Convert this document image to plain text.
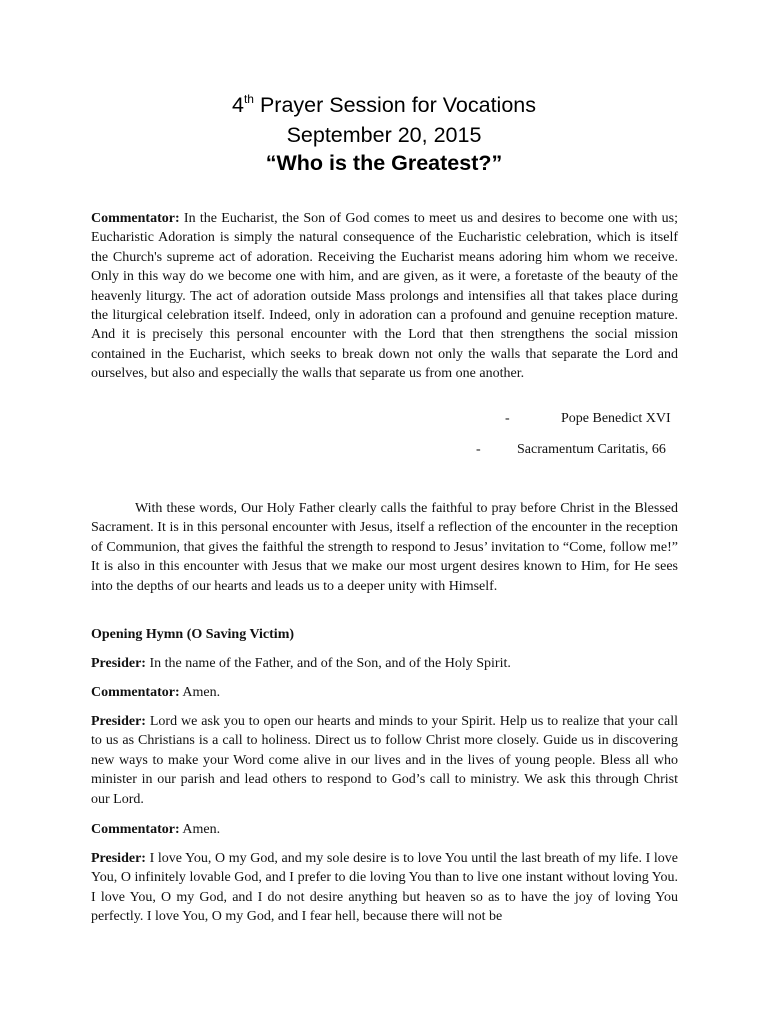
4th Prayer Session for Vocations
September 20, 2015
“Who is the Greatest?”
Commentator: In the Eucharist, the Son of God comes to meet us and desires to become one with us; Eucharistic Adoration is simply the natural consequence of the Eucharistic celebration, which is itself the Church's supreme act of adoration. Receiving the Eucharist means adoring him whom we receive. Only in this way do we become one with him, and are given, as it were, a foretaste of the beauty of the heavenly liturgy. The act of adoration outside Mass prolongs and intensifies all that takes place during the liturgical celebration itself. Indeed, only in adoration can a profound and genuine reception mature. And it is precisely this personal encounter with the Lord that then strengthens the social mission contained in the Eucharist, which seeks to break down not only the walls that separate the Lord and ourselves, but also and especially the walls that separate us from one another.
-	Pope Benedict XVI
-	Sacramentum Caritatis, 66
With these words, Our Holy Father clearly calls the faithful to pray before Christ in the Blessed Sacrament. It is in this personal encounter with Jesus, itself a reflection of the encounter in the reception of Communion, that gives the faithful the strength to respond to Jesus’ invitation to “Come, follow me!” It is also in this encounter with Jesus that we make our most urgent desires known to Him, for He sees into the depths of our hearts and leads us to a deeper unity with Himself.
Opening Hymn (O Saving Victim)
Presider: In the name of the Father, and of the Son, and of the Holy Spirit.
Commentator: Amen.
Presider: Lord we ask you to open our hearts and minds to your Spirit. Help us to realize that your call to us as Christians is a call to holiness. Direct us to follow Christ more closely. Guide us in discovering new ways to make your Word come alive in our lives and in the lives of young people. Bless all who minister in our parish and lead others to respond to God’s call to ministry. We ask this through Christ our Lord.
Commentator: Amen.
Presider: I love You, O my God, and my sole desire is to love You until the last breath of my life. I love You, O infinitely lovable God, and I prefer to die loving You than to live one instant without loving You. I love You, O my God, and I do not desire anything but heaven so as to have the joy of loving You perfectly. I love You, O my God, and I fear hell, because there will not be
